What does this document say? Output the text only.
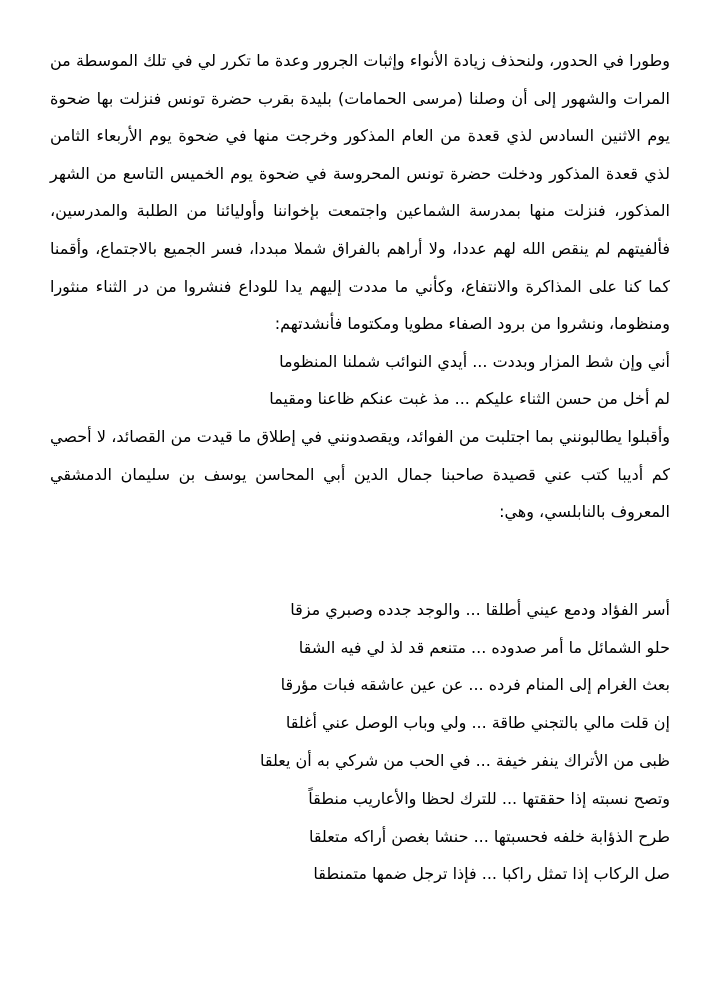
وطورا في الحدور، ولنحذف زيادة الأنواء وإثبات الجرور وعدة ما تكرر لي في تلك الموسطة من المرات والشهور إلى أن وصلنا (مرسى الحمامات) بليدة بقرب حضرة تونس فنزلت بها ضحوة يوم الاثنين السادس لذي قعدة من العام المذكور وخرجت منها في ضحوة يوم الأربعاء الثامن لذي قعدة المذكور ودخلت حضرة تونس المحروسة في ضحوة يوم الخميس التاسع من الشهر المذكور، فنزلت منها بمدرسة الشماعين واجتمعت بإخواننا وأوليائنا من الطلبة والمدرسين، فألفيتهم لم ينقص الله لهم عددا، ولا أراهم بالفراق شملا مبددا، فسر الجميع بالاجتماع، وأقمنا كما كنا على المذاكرة والانتفاع، وكأني ما مددت إليهم يدا للوداع فنشروا من در الثناء منثورا ومنظوما، ونشروا من برود الصفاء مطويا ومكتوما فأنشدتهم:

أني وإن شط المزار وبددت ... أيدي النوائب شملنا المنظوما
لم أخل من حسن الثناء عليكم ... مذ غبت عنكم ظاعنا ومقيما

وأقبلوا يطالبونني بما اجتلبت من الفوائد، ويقصدونني في إطلاق ما قيدت من القصائد، لا أحصي كم أديبا كتب عني قصيدة صاحبنا جمال الدين أبي المحاسن يوسف بن سليمان الدمشقي المعروف بالنابلسي، وهي:

أسر الفؤاد ودمع عيني أطلقا ... والوجد جدده وصبري مزقا
حلو الشمائل ما أمر صدوده ... متنعم قد لذ لي فيه الشقا
بعث الغرام إلى المنام فرده ... عن عين عاشقه فبات مؤرقا
إن قلت مالي بالتجني طاقة ... ولي وباب الوصل عني أغلقا
ظبى من الأتراك ينفر خيفة ... في الحب من شركي به أن يعلقا
وتصح نسبته إذا حققتها ... للترك لحظا والأعاريب منطقاً
طرح الذؤابة خلفه فحسبتها ... حنشا بغصن أراكه متعلقا
صل الركاب إذا تمثل راكبا ... فإذا ترجل ضمها متمنطقا
